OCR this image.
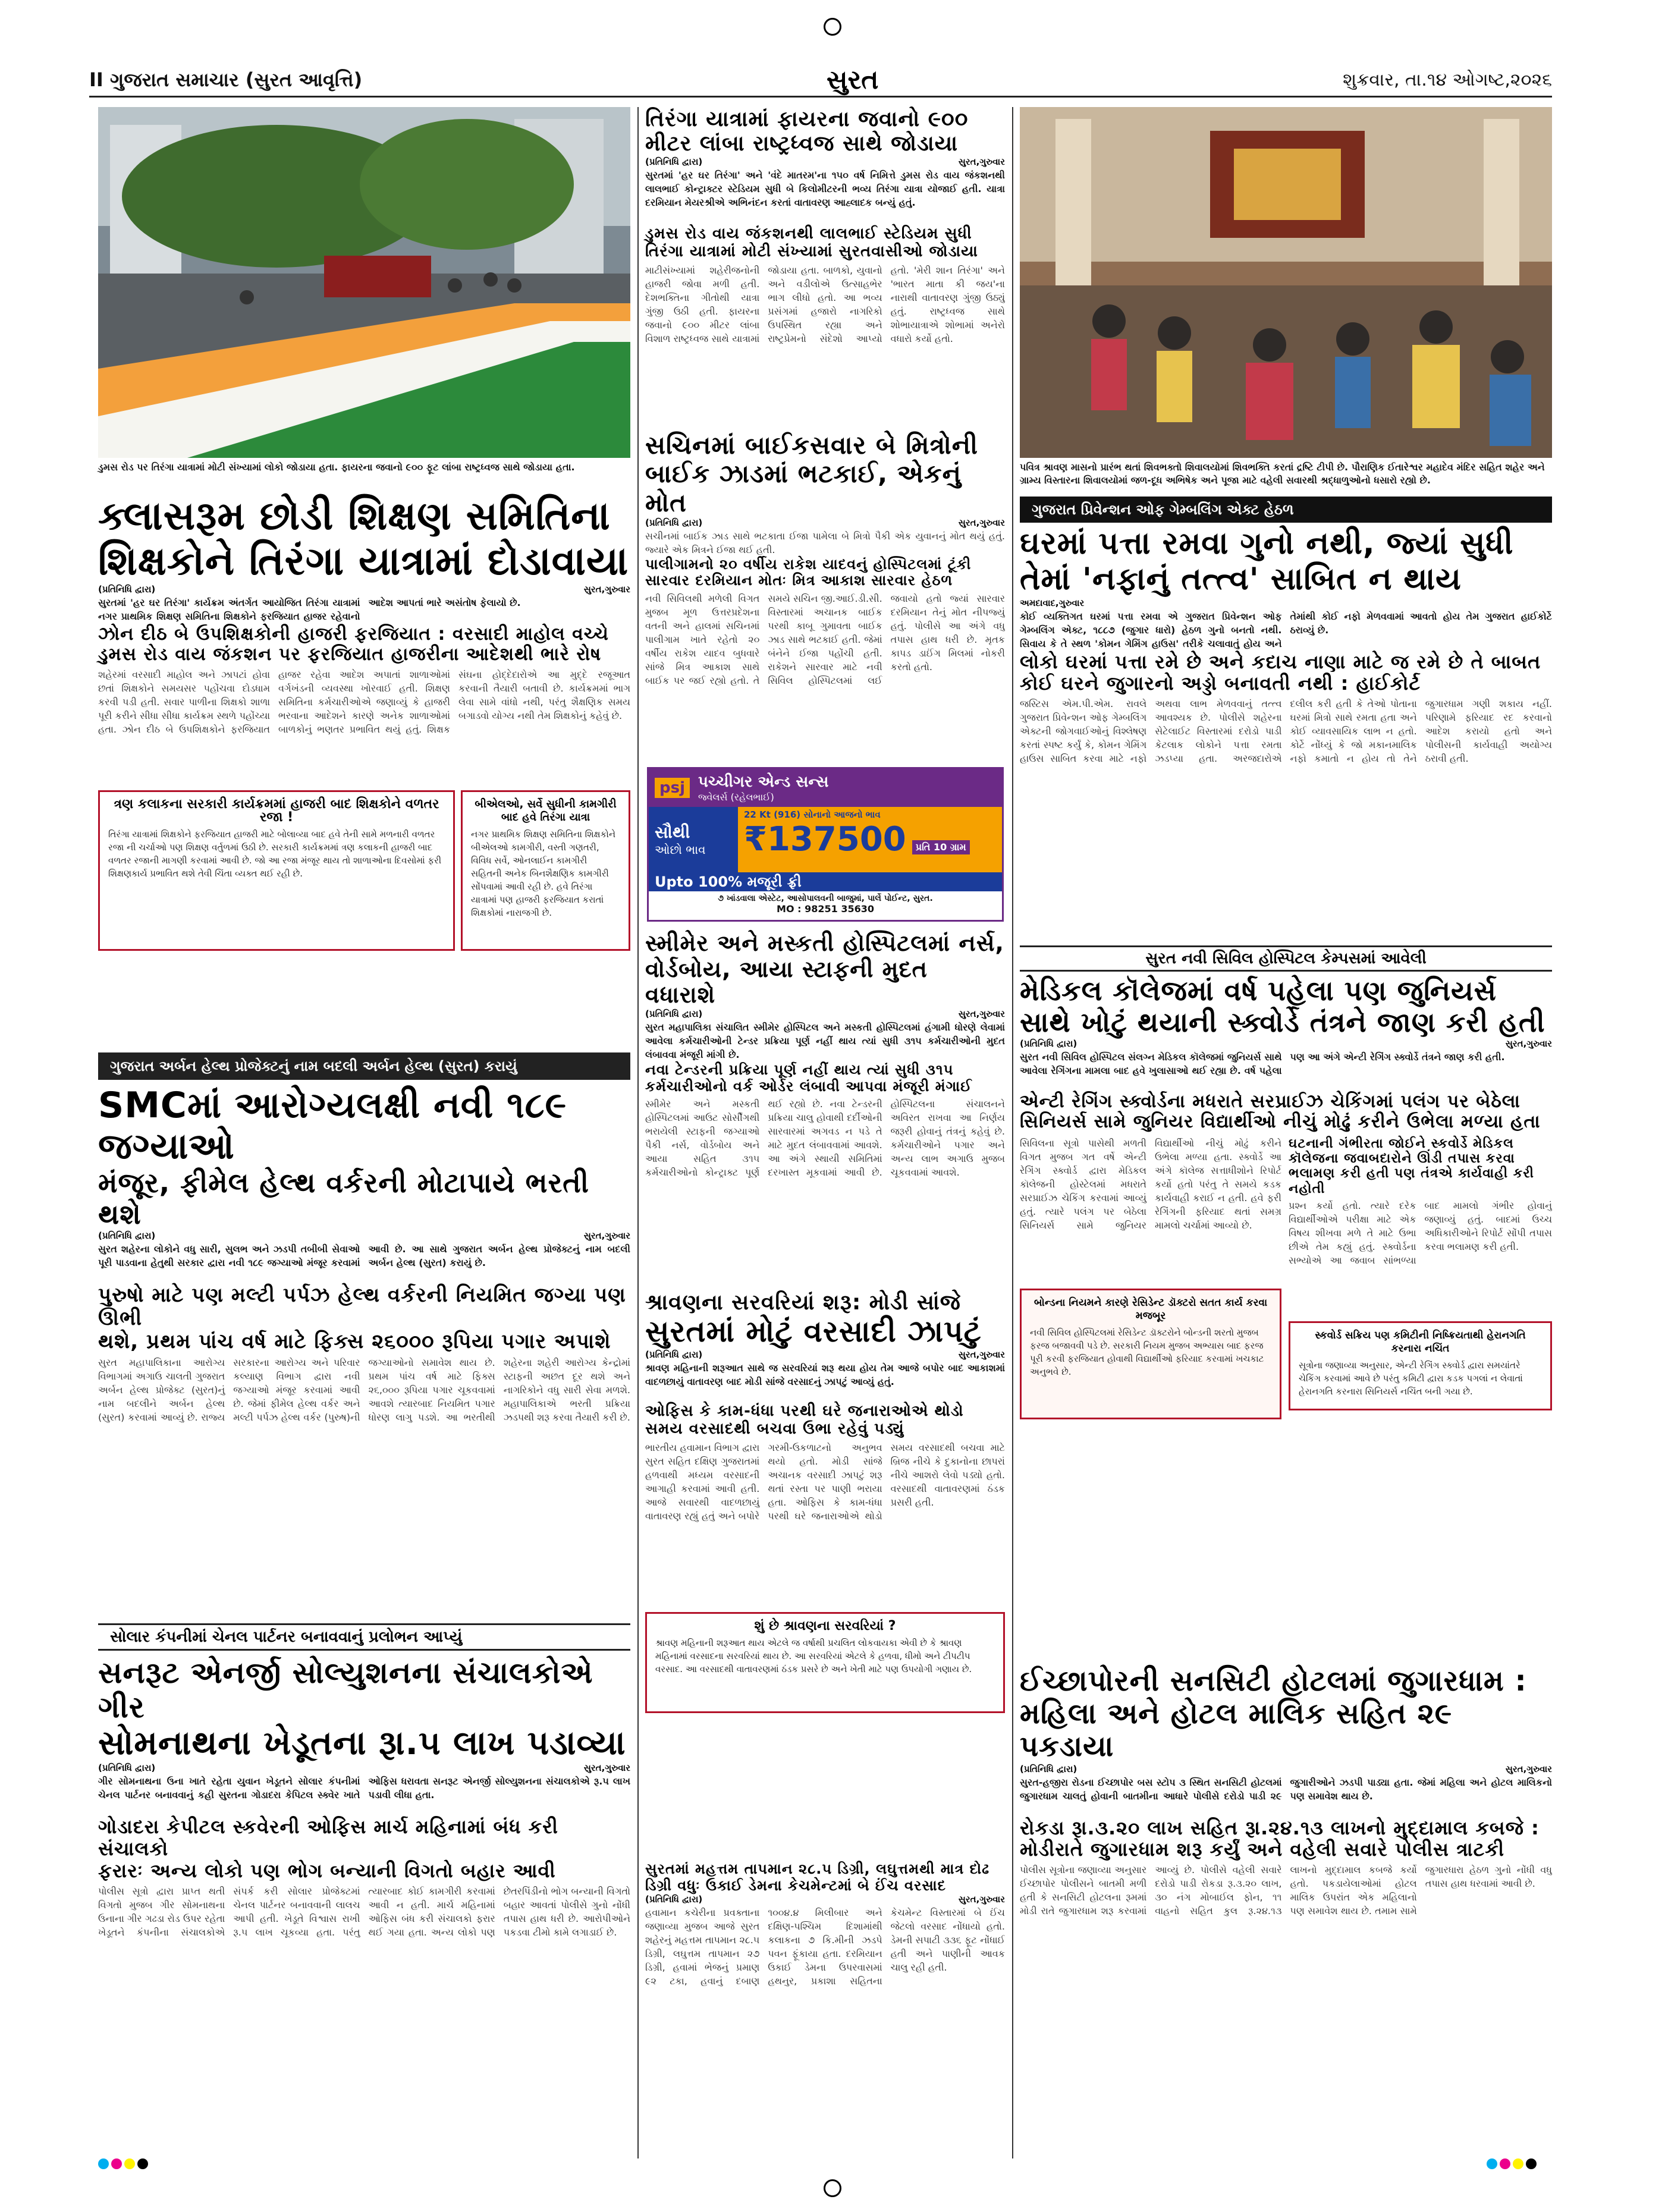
II ગુજરાત સમાચાર (સુરત આવૃત્તિ)	સુરત	શુક્રવાર, તા.૧૪ ઓગષ્ટ,૨૦૨૬
ડુમસ રોડ પર તિરંગા યાત્રામાં મોટી સંખ્યામાં લોકો જોડાયા હતા. ફાયરના જવાનો ૯૦૦ ફૂટ લાંબા રાષ્ટ્રધ્વજ સાથે જોડાયા હતા.
તિરંગા યાત્રામાં ફાયરના જવાનો ૯૦૦
મીટર લાંબા રાષ્ટ્રધ્વજ સાથે જોડાયા
(પ્રતિનિધિ દ્વારા)	સુરત,ગુરુવાર
સુરતમાં 'હર ઘર તિરંગા' અને 'વંદે માતરમ'ના ૧૫૦ વર્ષ નિમિત્તે ડુમસ રોડ વાય જંકશનથી લાલભાઈ કોન્ટ્રાક્ટર સ્ટેડિયમ સુધી બે કિલોમીટરની ભવ્ય તિરંગા યાત્રા યોજાઈ હતી. યાત્રા દરમિયાન મેયરશ્રીએ અભિનંદન કરતાં વાતાવરણ આહ્લાદક બન્યું હતું.
ડુમસ રોડ વાય જંકશનથી લાલભાઈ સ્ટેડિયમ સુધી તિરંગા યાત્રામાં મોટી સંખ્યામાં સુરતવાસીઓ જોડાયા
માટીસંખ્યામાં શહેરીજનોની હાજરી જોવા મળી હતી. દેશભક્તિના ગીતોથી યાત્રા ગુંજી ઉઠી હતી. ફાયરના જવાનો ૯૦૦ મીટર લાંબા વિશાળ રાષ્ટ્રધ્વજ સાથે યાત્રામાં જોડાયા હતા. બાળકો, યુવાનો અને વડીલોએ ઉત્સાહભેર ભાગ લીધો હતો. આ ભવ્ય પ્રસંગમાં હજારો નાગરિકો ઉપસ્થિત રહ્યા અને રાષ્ટ્રપ્રેમનો સંદેશો આપ્યો હતો. 'મેરી શાન તિરંગા' અને 'ભારત માતા કી જય'ના નારાથી વાતાવરણ ગુંજી ઉઠ્યું હતું. રાષ્ટ્રધ્વજ સાથે શોભાયાત્રાએ શોભામાં અનેરો વધારો કર્યો હતો.
સચિનમાં બાઈકસવાર બે મિત્રોની
બાઈક ઝાડમાં ભટકાઈ, એકનું મોત
(પ્રતિનિધિ દ્વારા)	સુરત,ગુરુવાર
સચીનમાં બાઈક ઝાડ સાથે ભટકાતા ઈજા પામેલા બે મિત્રો પૈકી એક યુવાનનું મોત થયું હતું. જ્યારે એક મિત્રને ઈજા થઈ હતી.
પાલીગામનો ૨૦ વર્ષીય રાકેશ યાદવનું હોસ્પિટલમાં ટૂંકી સારવાર દરમિયાન મોતઃ મિત્ર આકાશ સારવાર હેઠળ
નવી સિવિલથી મળેલી વિગત મુજબ મૂળ ઉત્તરપ્રદેશના વતની અને હાલમાં સચિનમાં પાલીગામ ખાતે રહેતો ૨૦ વર્ષીય રાકેશ યાદવ બુધવારે સાંજે મિત્ર આકાશ સાથે બાઈક પર જઈ રહ્યો હતો. તે સમયે સચિન જી.આઈ.ડી.સી. વિસ્તારમાં અચાનક બાઈક પરથી કાબૂ ગુમાવતા બાઈક ઝાડ સાથે ભટકાઈ હતી. જેમાં બંનેને ઈજા પહોંચી હતી. રાકેશને સારવાર માટે નવી સિવિલ હોસ્પિટલમાં લઈ જવાયો હતો જ્યાં સારવાર દરમિયાન તેનું મોત નીપજ્યું હતું. પોલીસે આ અંગે વધુ તપાસ હાથ ધરી છે. મૃતક કાપડ ડાઈંગ મિલમાં નોકરી કરતો હતો.
ક્લાસરૂમ છોડી શિક્ષણ સમિતિના
શિક્ષકોને તિરંગા યાત્રામાં દોડાવાયા
(પ્રતિનિધિ દ્વારા)	સુરત,ગુરુવાર
સુરતમાં 'હર ઘર તિરંગા' કાર્યક્રમ અંતર્ગત આયોજિત તિરંગા યાત્રામાં નગર પ્રાથમિક શિક્ષણ સમિતિના શિક્ષકોને ફરજિયાત હાજર રહેવાનો આદેશ આપતાં ભારે અસંતોષ ફેલાયો છે.
ઝોન દીઠ બે ઉપશિક્ષકોની હાજરી ફરજિયાત : વરસાદી માહોલ વચ્ચે
ડુમસ રોડ વાય જંકશન પર ફરજિયાત હાજરીના આદેશથી ભારે રોષ
શહેરમાં વરસાદી માહોલ અને ઝાપટાં હોવા છતાં શિક્ષકોને સમયસર પહોંચવા દોડધામ કરવી પડી હતી. સવાર પાળીના શિક્ષકો શાળા પૂરી કરીને સીધા સીધા કાર્યક્રમ સ્થળે પહોંચ્યા હતા. ઝોન દીઠ બે ઉપશિક્ષકોને ફરજિયાત હાજર રહેવા આદેશ અપાતાં શાળાઓમાં વર્ગખંડની વ્યવસ્થા ખોરવાઈ હતી. શિક્ષણ સમિતિના કર્મચારીઓએ જણાવ્યું કે હાજરી ભરવાના આદેશને કારણે અનેક શાળાઓમાં બાળકોનું ભણતર પ્રભાવિત થયું હતું. શિક્ષક સંઘના હોદ્દેદારોએ આ મુદ્દે રજૂઆત કરવાની તૈયારી બતાવી છે. કાર્યક્રમમાં ભાગ લેવા સામે વાંધો નથી, પરંતુ શૈક્ષણિક સમય બગાડવો યોગ્ય નથી તેમ શિક્ષકોનું કહેવું છે.
ત્રણ કલાકના સરકારી કાર્યક્રમમાં હાજરી બાદ શિક્ષકોને વળતર રજા !
તિરંગા યાત્રામાં શિક્ષકોને ફરજિયાત હાજરી માટે બોલાવ્યા બાદ હવે તેની સામે મળનારી વળતર રજા ની ચર્ચાઓ પણ શિક્ષણ વર્તુળમાં ઉઠી છે. સરકારી કાર્યક્રમમાં ત્રણ કલાકની હાજરી બાદ વળતર રજાની માગણી કરવામાં આવી છે. જો આ રજા મંજૂર થાય તો શાળાઓના દિવસોમાં ફરી શિક્ષણકાર્ય પ્રભાવિત થશે તેવી ચિંતા વ્યક્ત થઈ રહી છે.
બીએલઓ, સર્વે સુધીની કામગીરી બાદ હવે તિરંગા યાત્રા
નગર પ્રાથમિક શિક્ષણ સમિતિના શિક્ષકોને બીએલઓ કામગીરી, વસ્તી ગણતરી, વિવિધ સર્વે, ઓનલાઈન કામગીરી સહિતની અનેક બિનશૈક્ષણિક કામગીરી સોંપવામાં આવી રહી છે. હવે તિરંગા યાત્રામાં પણ હાજરી ફરજિયાત કરાતાં શિક્ષકોમાં નારાજગી છે.
psj પચ્ચીગર એન્ડ સન્સ
જ્વેલર્સ (રહેલભાઈ)
સૌથી
ઓછો ભાવ
22 Kt (916) સોનાનો આજનો ભાવ
₹137500	પ્રતિ 10 ગ્રામ
Upto 100% મજૂરી ફ્રી
૭ ખાંડવાલા એસ્ટેટ, આસોપાલવની બાજુમાં, પાર્લે પોઈન્ટ, સુરત.
MO : 98251 35630
સ્મીમેર અને મસ્કતી હોસ્પિટલમાં નર્સ,
વોર્ડબોય, આયા સ્ટાફની મુદત વધારાશે
(પ્રતિનિધિ દ્વારા)	સુરત,ગુરુવાર
સુરત મહાપાલિકા સંચાલિત સ્મીમેર હોસ્પિટલ અને મસ્કતી હોસ્પિટલમાં હંગામી ધોરણે લેવામાં આવેલા કર્મચારીઓની ટેન્ડર પ્રક્રિયા પૂર્ણ નહીં થાય ત્યાં સુધી ૩૧૫ કર્મચારીઓની મુદત લંબાવવા મંજૂરી માંગી છે.
નવા ટેન્ડરની પ્રક્રિયા પૂર્ણ નહીં થાય ત્યાં સુધી ૩૧૫ કર્મચારીઓનો વર્ક ઓર્ડર લંબાવી આપવા મંજૂરી મંગાઈ
સ્મીમેર અને મસ્કતી હોસ્પિટલમાં આઉટ સોર્સીંગથી ભરાયેલી સ્ટાફની જગ્યાઓ પૈકી નર્સ, વોર્ડબોય અને આયા સહિત ૩૧૫ કર્મચારીઓનો કોન્ટ્રાક્ટ પૂર્ણ થઈ રહ્યો છે. નવા ટેન્ડરની પ્રક્રિયા ચાલુ હોવાથી દર્દીઓની સારવારમાં અગવડ ન પડે તે માટે મુદત લંબાવવામાં આવશે. આ અંગે સ્થાયી સમિતિમાં દરખાસ્ત મૂકવામાં આવી છે. હોસ્પિટલના સંચાલનને અવિરત રાખવા આ નિર્ણય જરૂરી હોવાનું તંત્રનું કહેવું છે. કર્મચારીઓને પગાર અને અન્ય લાભ અગાઉ મુજબ ચૂકવવામાં આવશે.
શ્રાવણના સરવરિયાં શરૂ: મોડી સાંજે
સુરતમાં મોટું વરસાદી ઝાપટું
(પ્રતિનિધિ દ્વારા)	સુરત,ગુરુવાર
શ્રાવણ મહિનાની શરૂઆત સાથે જ સરવરિયાં શરૂ થયા હોય તેમ આજે બપોર બાદ આકાશમાં વાદળછાયું વાતાવરણ બાદ મોડી સાંજે વરસાદનું ઝાપટું આવ્યું હતું.
ઓફિસ કે કામ-ધંધા પરથી ઘરે જનારાઓએ થોડો સમય વરસાદથી બચવા ઉભા રહેવું પડ્યું
ભારતીય હવામાન વિભાગ દ્વારા સુરત સહિત દક્ષિણ ગુજરાતમાં હળવાથી મધ્યમ વરસાદની આગાહી કરવામાં આવી હતી. આજે સવારથી વાદળછાયું વાતાવરણ રહ્યું હતું અને બપોરે ગરમી-ઉકળાટનો અનુભવ થયો હતો. મોડી સાંજે અચાનક વરસાદી ઝાપટું શરૂ થતાં રસ્તા પર પાણી ભરાયા હતા. ઓફિસ કે કામ-ધંધા પરથી ઘરે જનારાઓએ થોડો સમય વરસાદથી બચવા માટે બ્રિજ નીચે કે દુકાનોના છાપરાં નીચે આશરો લેવો પડ્યો હતો. વરસાદથી વાતાવરણમાં ઠંડક પ્રસરી હતી.
શું છે શ્રાવણના સરવરિયાં ?
શ્રાવણ મહિનાની શરૂઆત થાય એટલે જ વર્ષાથી પ્રચલિત લોકવાયકા એવી છે કે શ્રાવણ મહિનામાં વરસાદના સરવરિયાં થાય છે. આ સરવરિયાં એટલે કે હળવા, ધીમો અને ટીપટીપ વરસાદ. આ વરસાદથી વાતાવરણમાં ઠંડક પ્રસરે છે અને ખેતી માટે પણ ઉપયોગી ગણાય છે.
સુરતમાં મહત્તમ તાપમાન ૨૮.૫ ડિગ્રી, લઘુત્તમથી માત્ર દોઢ ડિગ્રી વધુઃ ઉકાઈ ડેમના કેચમેન્ટમાં બે ઈંચ વરસાદ
(પ્રતિનિધિ દ્વારા)	સુરત,ગુરુવાર
હવામાન કચેરીના પ્રવક્તાના જણાવ્યા મુજબ આજે સુરત શહેરનું મહત્તમ તાપમાન ૨૮.૫ ડિગ્રી, લઘુત્તમ તાપમાન ૨૭ ડિગ્રી, હવામાં ભેજનું પ્રમાણ ૯૨ ટકા, હવાનું દબાણ ૧૦૦૪.૪ મિલીબાર અને દક્ષિણ-પશ્ચિમ દિશામાંથી કલાકના ૭ કિ.મીની ઝડપે પવન ફૂંકાયા હતા. દરમિયાન ઉકાઈ ડેમના ઉપરવાસમાં હથનુર, પ્રકાશા સહિતના કેચમેન્ટ વિસ્તારમાં બે ઈંચ જેટલો વરસાદ નોંધાયો હતો. ડેમની સપાટી ૩૩૬ ફૂટ નોંધાઈ હતી અને પાણીની આવક ચાલુ રહી હતી.
ગુજરાત અર્બન હેલ્થ પ્રોજેક્ટનું નામ બદલી અર્બન હેલ્થ (સુરત) કરાયું
SMCમાં આરોગ્યલક્ષી નવી ૧૮૯ જગ્યાઓ
મંજૂર, ફીમેલ હેલ્થ વર્કરની મોટાપાયે ભરતી થશે
(પ્રતિનિધિ દ્વારા)	સુરત,ગુરુવાર
સુરત શહેરના લોકોને વધુ સારી, સુલભ અને ઝડપી તબીબી સેવાઓ પૂરી પાડવાના હેતુથી સરકાર દ્વારા નવી ૧૮૯ જગ્યાઓ મંજૂર કરવામાં આવી છે. આ સાથે ગુજરાત અર્બન હેલ્થ પ્રોજેક્ટનું નામ બદલી અર્બન હેલ્થ (સુરત) કરાયું છે.
પુરુષો માટે પણ મલ્ટી પર્પઝ હેલ્થ વર્કરની નિયમિત જગ્યા પણ ઊભી
થશે, પ્રથમ પાંચ વર્ષ માટે ફિક્સ ૨૬૦૦૦ રૂપિયા પગાર અપાશે
સુરત મહાપાલિકાના આરોગ્ય વિભાગમાં અગાઉ ચાલતી ગુજરાત અર્બન હેલ્થ પ્રોજેક્ટ (સુરત)નું નામ બદલીને અર્બન હેલ્થ (સુરત) કરવામાં આવ્યું છે. રાજ્ય સરકારના આરોગ્ય અને પરિવાર કલ્યાણ વિભાગ દ્વારા નવી જગ્યાઓ મંજૂર કરવામાં આવી છે. જેમાં ફીમેલ હેલ્થ વર્કર અને મલ્ટી પર્પઝ હેલ્થ વર્કર (પુરુષ)ની જગ્યાઓનો સમાવેશ થાય છે. પ્રથમ પાંચ વર્ષ માટે ફિક્સ ૨૬,૦૦૦ રૂપિયા પગાર ચૂકવવામાં આવશે ત્યારબાદ નિયમિત પગાર ધોરણ લાગુ પડશે. આ ભરતીથી શહેરના શહેરી આરોગ્ય કેન્દ્રોમાં સ્ટાફની અછત દૂર થશે અને નાગરિકોને વધુ સારી સેવા મળશે. મહાપાલિકાએ ભરતી પ્રક્રિયા ઝડપથી શરૂ કરવા તૈયારી કરી છે.
સોલાર કંપનીમાં ચેનલ પાર્ટનર બનાવવાનું પ્રલોભન આપ્યું
સનરૂટ એનર્જી સોલ્યુશનના સંચાલકોએ ગીર
સોમનાથના ખેડૂતના રૂા.૫ લાખ પડાવ્યા
(પ્રતિનિધિ દ્વારા)	સુરત,ગુરુવાર
ગીર સોમનાથના ઉના ખાતે રહેતા યુવાન ખેડૂતને સોલાર કંપનીમાં ચેનલ પાર્ટનર બનાવવાનું કહી સુરતના ગોડાદરા કેપિટલ સ્ક્વેર ખાતે ઓફિસ ધરાવતા સનરૂટ એનર્જી સોલ્યુશનના સંચાલકોએ રૂ.૫ લાખ પડાવી લીધા હતા.
ગોડાદરા કેપીટલ સ્કવેરની ઓફિસ માર્ચ મહિનામાં બંધ કરી સંચાલકો
ફરારઃ અન્ય લોકો પણ ભોગ બન્યાની વિગતો બહાર આવી
પોલીસ સૂત્રો દ્વારા પ્રાપ્ત થતી વિગતો મુજબ ગીર સોમનાથના ઉનાના ગીર ગઢડા રોડ ઉપર રહેતા ખેડૂતને કંપનીના સંચાલકોએ સંપર્ક કરી સોલાર પ્રોજેક્ટમાં ચેનલ પાર્ટનર બનાવવાની લાલચ આપી હતી. ખેડૂતે વિશ્વાસ રાખી રૂ.૫ લાખ ચૂકવ્યા હતા. પરંતુ ત્યારબાદ કોઈ કામગીરી કરવામાં આવી ન હતી. માર્ચ મહિનામાં ઓફિસ બંધ કરી સંચાલકો ફરાર થઈ ગયા હતા. અન્ય લોકો પણ છેતરપિંડીનો ભોગ બન્યાની વિગતો બહાર આવતાં પોલીસે ગુનો નોંધી તપાસ હાથ ધરી છે. આરોપીઓને પકડવા ટીમો કામે લગાડાઈ છે.
પવિત્ર શ્રાવણ માસનો પ્રારંભ થતાં શિવભક્તો શિવાલયોમાં શિવભક્તિ કરતાં દ્રષ્ટિ ટીપી છે. પૌરાણિક ઈતારેશ્વર મહાદેવ મંદિર સહિત શહેર અને ગ્રામ્ય વિસ્તારના શિવાલયોમાં જળ-દૂધ અભિષેક અને પૂજા માટે વહેલી સવારથી શ્રદ્ધાળુઓનો ધસારો રહ્યો છે.
ગુજરાત પ્રિવેન્શન ઓફ ગેમ્બલિંગ એક્ટ હેઠળ
ઘરમાં પત્તા રમવા ગુનો નથી, જ્યાં સુધી
તેમાં 'નફાનું તત્ત્વ' સાબિત ન થાય
અમદાવાદ,ગુરુવાર
કોઈ વ્યક્તિગત ઘરમાં પત્તા રમવા એ ગુજરાત પ્રિવેન્શન ઓફ ગેમ્બલિંગ એક્ટ, ૧૮૮૭ (જુગાર ધારો) હેઠળ ગુનો બનતો નથી. સિવાય કે તે સ્થળ 'કોમન ગેમિંગ હાઉસ' તરીકે ચલાવાતું હોય અને તેમાંથી કોઈ નફો મેળવવામાં આવતો હોય તેમ ગુજરાત હાઈકોર્ટે ઠરાવ્યું છે.
લોકો ઘરમાં પત્તા રમે છે અને કદાચ નાણા માટે જ રમે છે તે બાબત કોઈ ઘરને જુગારનો અડ્ડો બનાવતી નથી : હાઈકોર્ટ
જસ્ટિસ એમ.પી.એમ. રાવલે ગુજરાત પ્રિવેન્શન ઓફ ગેમ્બલિંગ એક્ટની જોગવાઈઓનું વિશ્લેષણ કરતાં સ્પષ્ટ કર્યું કે, કોમન ગેમિંગ હાઉસ સાબિત કરવા માટે નફો અથવા લાભ મેળવવાનું તત્ત્વ આવશ્યક છે. પોલીસે શહેરના સેટેલાઈટ વિસ્તારમાં દરોડો પાડી કેટલાક લોકોને પત્તા રમતા ઝડપ્યા હતા. અરજદારોએ દલીલ કરી હતી કે તેઓ પોતાના ઘરમાં મિત્રો સાથે રમતા હતા અને કોઈ વ્યાવસાયિક લાભ ન હતો. કોર્ટે નોંધ્યું કે જો મકાનમાલિક નફો કમાતો ન હોય તો તેને જુગારધામ ગણી શકાય નહીં. પરિણામે ફરિયાદ રદ કરવાનો આદેશ કરાયો હતો અને પોલીસની કાર્યવાહી અયોગ્ય ઠરાવી હતી.
સુરત નવી સિવિલ હોસ્પિટલ કેમ્પસમાં આવેલી
મેડિકલ કૉલેજમાં વર્ષ પહેલા પણ જુનિયર્સ
સાથે ખોટું થયાની સ્ક્વોર્ડે તંત્રને જાણ કરી હતી
(પ્રતિનિધિ દ્વારા)	સુરત,ગુરુવાર
સુરત નવી સિવિલ હોસ્પિટલ સંલગ્ન મેડિકલ કૉલેજમાં જુનિયર્સ સાથે આવેલા રેગિંગના મામલા બાદ હવે ખુલાસાઓ થઈ રહ્યા છે. વર્ષ પહેલા પણ આ અંગે એન્ટી રેગિંગ સ્ક્વોર્ડે તંત્રને જાણ કરી હતી.
એન્ટી રેગિંગ સ્ક્વોર્ડના મધરાતે સરપ્રાઈઝ ચેકિંગમાં પલંગ પર બેઠેલા
સિનિયર્સ સામે જુનિયર વિદ્યાર્થીઓ નીચું મોઢું કરીને ઉભેલા મળ્યા હતા
સિવિલના સૂત્રો પાસેથી મળતી વિગત મુજબ ગત વર્ષે એન્ટી રેગિંગ સ્ક્વોર્ડ દ્વારા મેડિકલ કૉલેજની હોસ્ટેલમાં મધરાતે સરપ્રાઈઝ ચેકિંગ કરવામાં આવ્યું હતું. ત્યારે પલંગ પર બેઠેલા સિનિયર્સ સામે જુનિયર વિદ્યાર્થીઓ નીચું મોઢું કરીને ઉભેલા મળ્યા હતા. સ્ક્વોર્ડે આ અંગે કૉલેજ સત્તાધીશોને રિપોર્ટ કર્યો હતો પરંતુ તે સમયે કડક કાર્યવાહી કરાઈ ન હતી. હવે ફરી રેગિંગની ફરિયાદ થતાં સમગ્ર મામલો ચર્ચામાં આવ્યો છે.
બોન્ડના નિયમને કારણે રેસિડેન્ટ ડૉક્ટરો સતત કાર્ય કરવા મજબૂર
નવી સિવિલ હોસ્પિટલમાં રેસિડેન્ટ ડૉક્ટરોને બોન્ડની શરતો મુજબ ફરજ બજાવવી પડે છે. સરકારી નિયમ મુજબ અભ્યાસ બાદ ફરજ પૂરી કરવી ફરજિયાત હોવાથી વિદ્યાર્થીઓ ફરિયાદ કરવામાં ખચકાટ અનુભવે છે.
ઘટનાની ગંભીરતા જોઈને સ્કવોર્ડે મેડિકલ કૉલેજના જવાબદારોને ઊંડી તપાસ કરવા ભલામણ કરી હતી પણ તંત્રએ કાર્યવાહી કરી નહોતી
પ્રશ્ન કર્યો હતો. ત્યારે દરેક વિદ્યાર્થીઓએ પરીક્ષા માટે એક વિષય શીખવા મળે તે માટે ઉભા છીએ તેમ કહ્યું હતું. સ્ક્વોર્ડના સભ્યોએ આ જવાબ સાંભળ્યા બાદ મામલો ગંભીર હોવાનું જણાવ્યું હતું. બાદમાં ઉચ્ચ અધિકારીઓને રિપોર્ટ સોંપી તપાસ કરવા ભલામણ કરી હતી.
સ્કવોર્ડ સક્રિય પણ કમિટીની નિષ્ક્રિયતાથી હેરાનગતિ કરનારા નચિંત
સૂત્રોના જણાવ્યા અનુસાર, એન્ટી રેગિંગ સ્ક્વોર્ડ દ્વારા સમયાંતરે ચેકિંગ કરવામાં આવે છે પરંતુ કમિટી દ્વારા કડક પગલાં ન લેવાતાં હેરાનગતિ કરનારા સિનિયર્સ નચિંત બની ગયા છે.
ઈચ્છાપોરની સનસિટી હોટલમાં જુગારધામ :
મહિલા અને હોટલ માલિક સહિત ૨૯ પકડાયા
(પ્રતિનિધિ દ્વારા)	સુરત,ગુરુવાર
સુરત-હજીરા રોડના ઈચ્છાપોર બસ સ્ટોપ ૩ સ્થિત સનસિટી હોટલમાં જુગારધામ ચાલતું હોવાની બાતમીના આધારે પોલીસે દરોડો પાડી ૨૯ જુગારીઓને ઝડપી પાડ્યા હતા. જેમાં મહિલા અને હોટલ માલિકનો પણ સમાવેશ થાય છે.
રોકડા રૂા.૩.૨૦ લાખ સહિત રૂા.૨૪.૧૩ લાખનો મુદ્દામાલ કબજે : મોડીરાતે જુગારધામ શરૂ કર્યું અને વહેલી સવારે પોલીસ ત્રાટકી
પોલીસ સૂત્રોના જણાવ્યા અનુસાર ઈચ્છાપોર પોલીસને બાતમી મળી હતી કે સનસિટી હોટલના રૂમમાં મોડી રાતે જુગારધામ શરૂ કરવામાં આવ્યું છે. પોલીસે વહેલી સવારે દરોડો પાડી રોકડા રૂ.૩.૨૦ લાખ, ૩૦ નંગ મોબાઈલ ફોન, ૧૧ વાહનો સહિત કુલ રૂ.૨૪.૧૩ લાખનો મુદ્દામાલ કબજે કર્યો હતો. પકડાયેલાઓમાં હોટલ માલિક ઉપરાંત એક મહિલાનો પણ સમાવેશ થાય છે. તમામ સામે જુગારધારા હેઠળ ગુનો નોંધી વધુ તપાસ હાથ ધરવામાં આવી છે.
